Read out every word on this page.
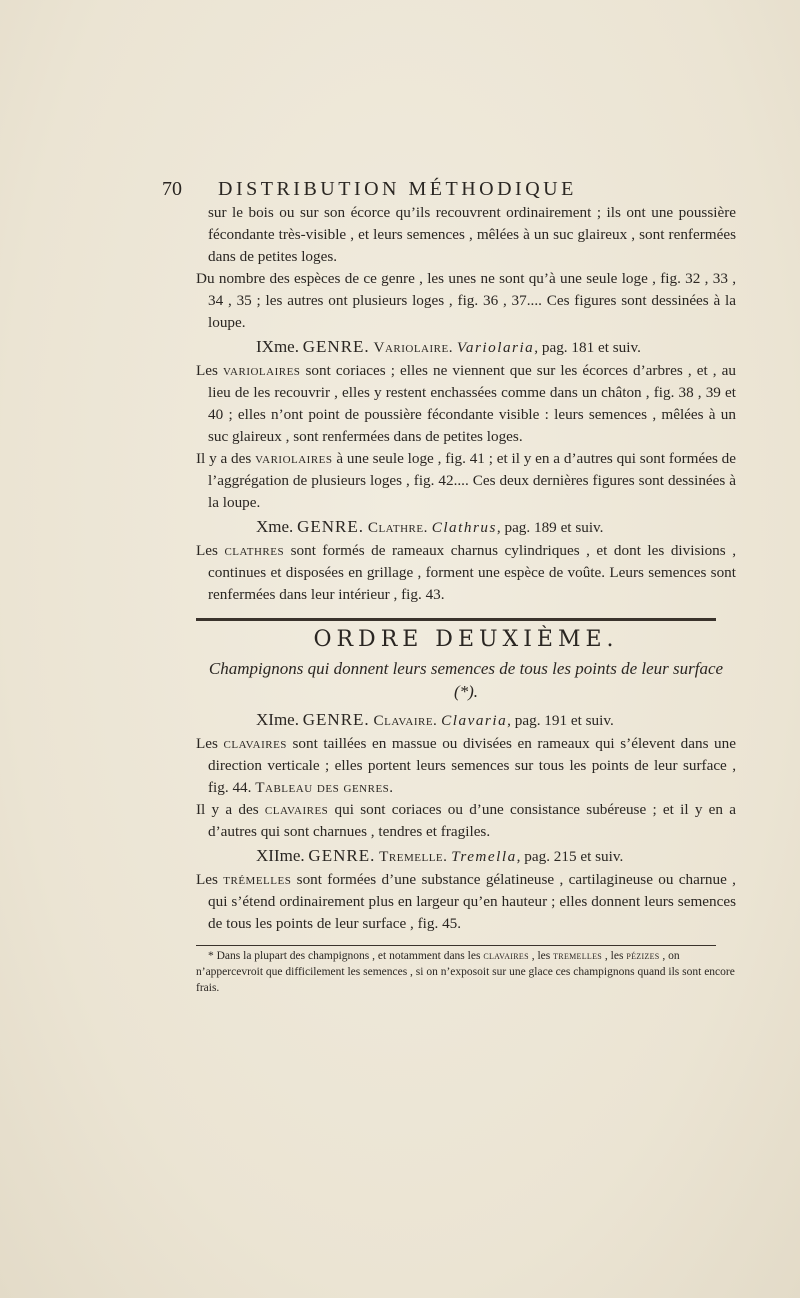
70	DISTRIBUTION MÉTHODIQUE

sur le bois ou sur son écorce qu’ils recouvrent ordinairement ; ils ont une poussière fécondante très-visible , et leurs semences , mêlées à un suc glaireux , sont renfermées dans de petites loges.

Du nombre des espèces de ce genre , les unes ne sont qu’à une seule loge , fig. 32 , 33 , 34 , 35 ; les autres ont plusieurs loges , fig. 36 , 37.... Ces figures sont dessinées à la loupe.

IXme. GENRE. Variolaire. Variolaria, pag. 181 et suiv.

Les variolaires sont coriaces ; elles ne viennent que sur les écorces d’arbres , et , au lieu de les recouvrir , elles y restent enchassées comme dans un châton , fig. 38 , 39 et 40 ; elles n’ont point de poussière fécondante visible : leurs semences , mêlées à un suc glaireux , sont renfermées dans de petites loges.

Il y a des variolaires à une seule loge , fig. 41 ; et il y en a d’autres qui sont formées de l’aggrégation de plusieurs loges , fig. 42.... Ces deux dernières figures sont dessinées à la loupe.

Xme. GENRE. Clathre. Clathrus, pag. 189 et suiv.

Les clathres sont formés de rameaux charnus cylindriques , et dont les divisions , continues et disposées en grillage , forment une espèce de voûte. Leurs semences sont renfermées dans leur intérieur , fig. 43.

ORDRE DEUXIÈME.
Champignons qui donnent leurs semences de tous les points de leur surface (*).
XIme. GENRE. Clavaire. Clavaria, pag. 191 et suiv.

Les clavaires sont taillées en massue ou divisées en rameaux qui s’élevent dans une direction verticale ; elles portent leurs semences sur tous les points de leur surface , fig. 44. Tableau des genres.

Il y a des clavaires qui sont coriaces ou d’une consistance subéreuse ; et il y en a d’autres qui sont charnues , tendres et fragiles.

XIIme. GENRE. Tremelle. Tremella, pag. 215 et suiv.

Les trémelles sont formées d’une substance gélatineuse , cartilagineuse ou charnue , qui s’étend ordinairement plus en largeur qu’en hauteur ; elles donnent leurs semences de tous les points de leur surface , fig. 45.

* Dans la plupart des champignons , et notamment dans les clavaires , les tremelles , les pézizes , on n’appercevroit que difficilement les semences , si on n’exposoit sur une glace ces champignons quand ils sont encore frais.
